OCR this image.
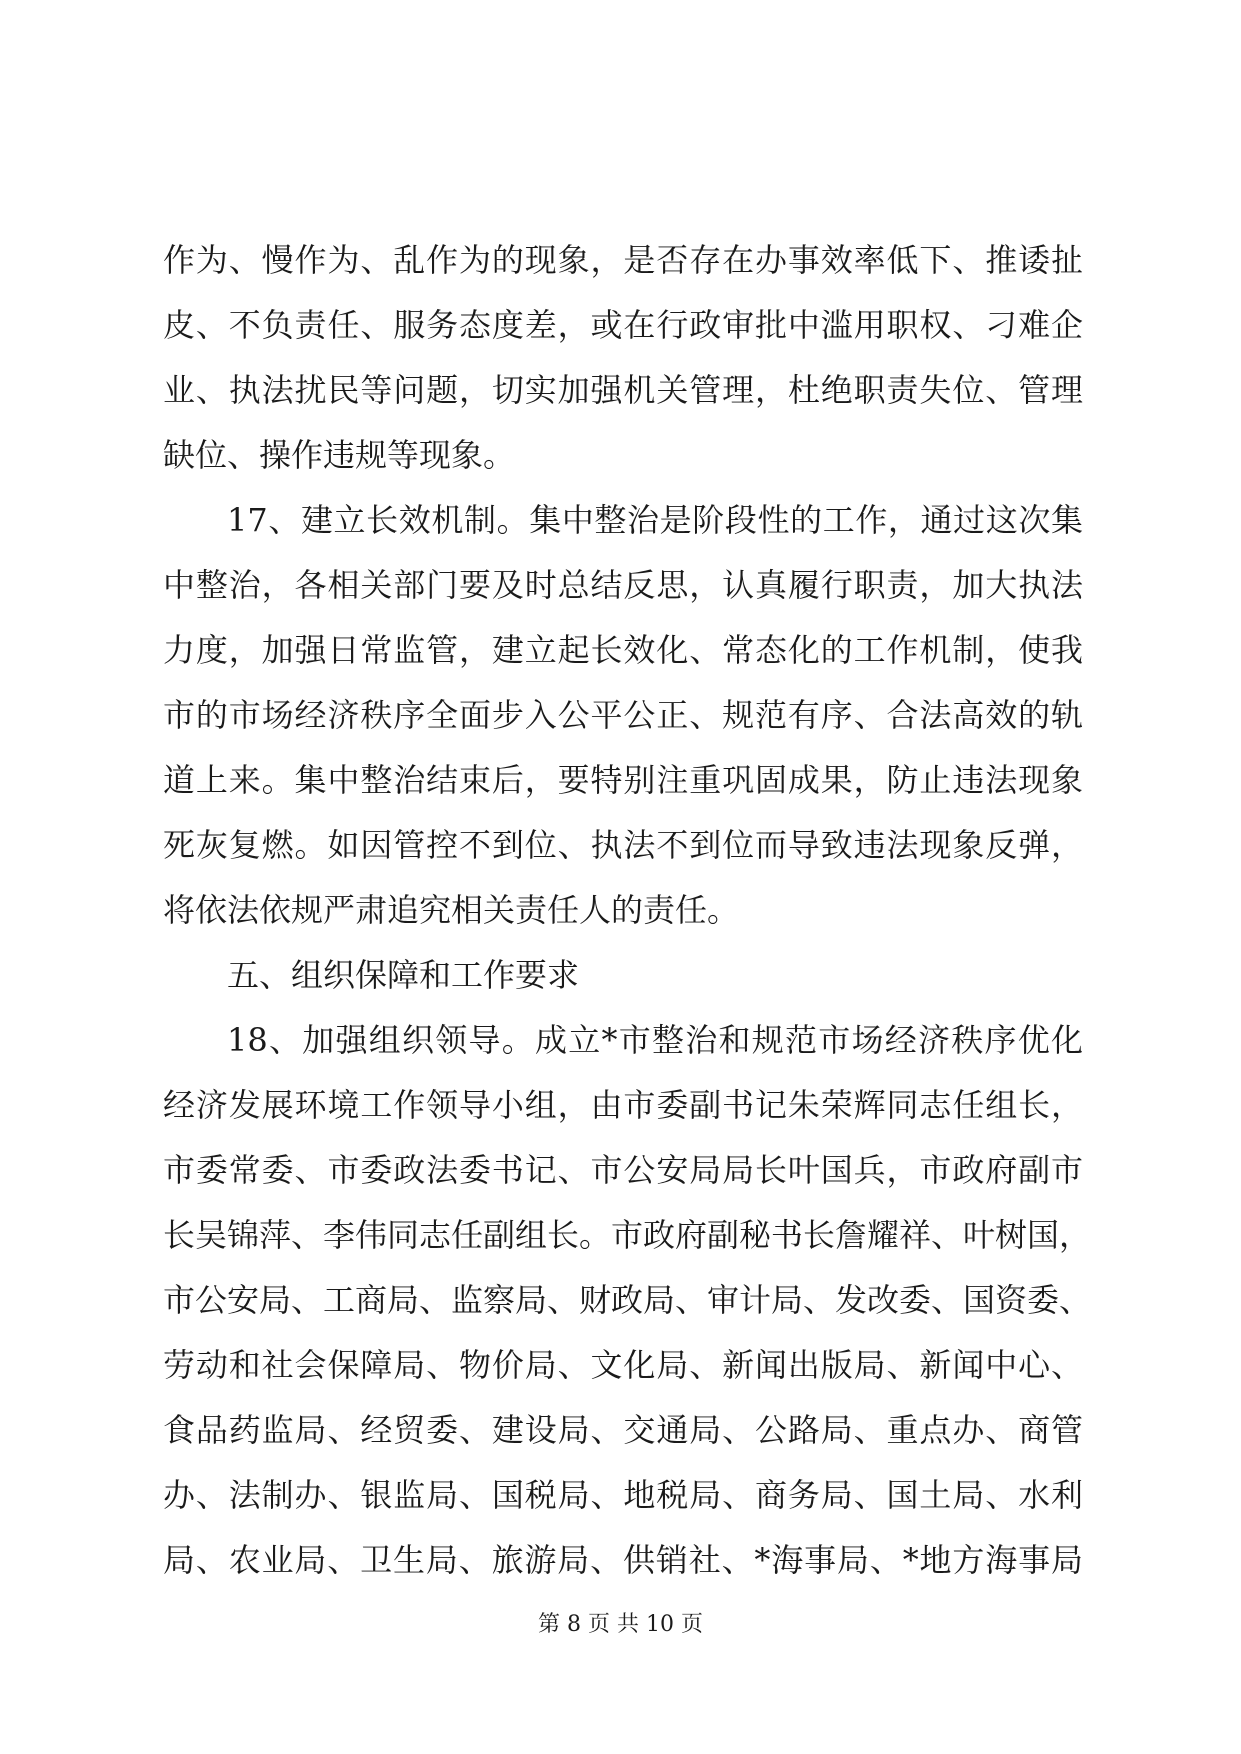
作为、慢作为、乱作为的现象，是否存在办事效率低下、推诿扯
皮、不负责任、服务态度差，或在行政审批中滥用职权、刁难企
业、执法扰民等问题，切实加强机关管理，杜绝职责失位、管理
缺位、操作违规等现象。
17、建立长效机制。集中整治是阶段性的工作，通过这次集
中整治，各相关部门要及时总结反思，认真履行职责，加大执法
力度，加强日常监管，建立起长效化、常态化的工作机制，使我
市的市场经济秩序全面步入公平公正、规范有序、合法高效的轨
道上来。集中整治结束后，要特别注重巩固成果，防止违法现象
死灰复燃。如因管控不到位、执法不到位而导致违法现象反弹，
将依法依规严肃追究相关责任人的责任。
五、组织保障和工作要求
18、加强组织领导。成立*市整治和规范市场经济秩序优化
经济发展环境工作领导小组，由市委副书记朱荣辉同志任组长，
市委常委、市委政法委书记、市公安局局长叶国兵，市政府副市
长吴锦萍、李伟同志任副组长。市政府副秘书长詹耀祥、叶树国，
市公安局、工商局、监察局、财政局、审计局、发改委、国资委、
劳动和社会保障局、物价局、文化局、新闻出版局、新闻中心、
食品药监局、经贸委、建设局、交通局、公路局、重点办、商管
办、法制办、银监局、国税局、地税局、商务局、国土局、水利
局、农业局、卫生局、旅游局、供销社、*海事局、*地方海事局
第 8 页 共 10 页
